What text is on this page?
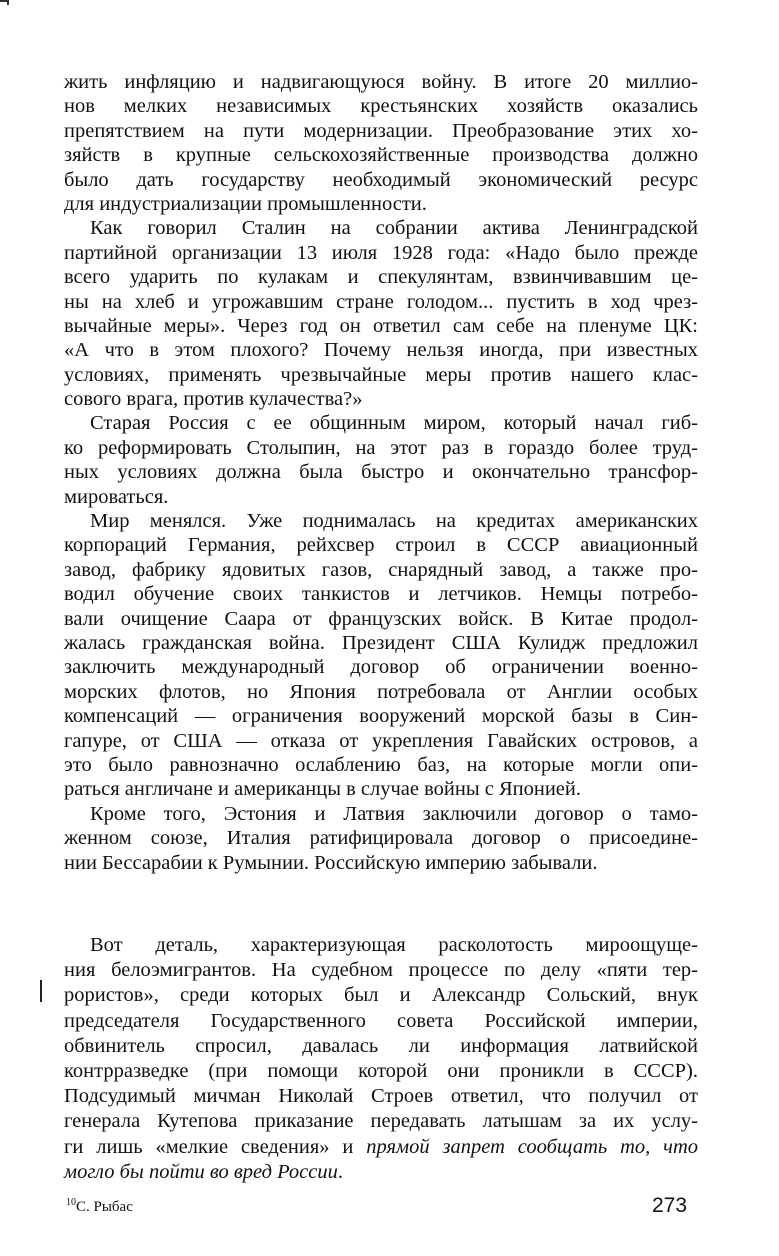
жить инфляцию и надвигающуюся войну. В итоге 20 миллио-
нов мелких независимых крестьянских хозяйств оказались
препятствием на пути модернизации. Преобразование этих хо-
зяйств в крупные сельскохозяйственные производства должно
было дать государству необходимый экономический ресурс
для индустриализации промышленности.
Как говорил Сталин на собрании актива Ленинградской
партийной организации 13 июля 1928 года: «Надо было прежде
всего ударить по кулакам и спекулянтам, взвинчивавшим це-
ны на хлеб и угрожавшим стране голодом... пустить в ход чрез-
вычайные меры». Через год он ответил сам себе на пленуме ЦК:
«А что в этом плохого? Почему нельзя иногда, при известных
условиях, применять чрезвычайные меры против нашего клас-
сового врага, против кулачества?»
Старая Россия с ее общинным миром, который начал гиб-
ко реформировать Столыпин, на этот раз в гораздо более труд-
ных условиях должна была быстро и окончательно трансфор-
мироваться.
Мир менялся. Уже поднималась на кредитах американских
корпораций Германия, рейхсвер строил в СССР авиационный
завод, фабрику ядовитых газов, снарядный завод, а также про-
водил обучение своих танкистов и летчиков. Немцы потребо-
вали очищение Саара от французских войск. В Китае продол-
жалась гражданская война. Президент США Кулидж предложил
заключить международный договор об ограничении военно-
морских флотов, но Япония потребовала от Англии особых
компенсаций — ограничения вооружений морской базы в Син-
гапуре, от США — отказа от укрепления Гавайских островов, а
это было равнозначно ослаблению баз, на которые могли опи-
раться англичане и американцы в случае войны с Японией.
Кроме того, Эстония и Латвия заключили договор о тамо-
женном союзе, Италия ратифицировала договор о присоедине-
нии Бессарабии к Румынии. Российскую империю забывали.
Вот деталь, характеризующая расколотость мироощуще-
ния белоэмигрантов. На судебном процессе по делу «пяти тер-
рористов», среди которых был и Александр Сольский, внук
председателя Государственного совета Российской империи,
обвинитель спросил, давалась ли информация латвийской
контрразведке (при помощи которой они проникли в СССР).
Подсудимый мичман Николай Строев ответил, что получил от
генерала Кутепова приказание передавать латышам за их услу-
ги лишь «мелкие сведения» и прямой запрет сообщать то, что
могло бы пойти во вред России.
$^{10}$С. Рыбас	273
